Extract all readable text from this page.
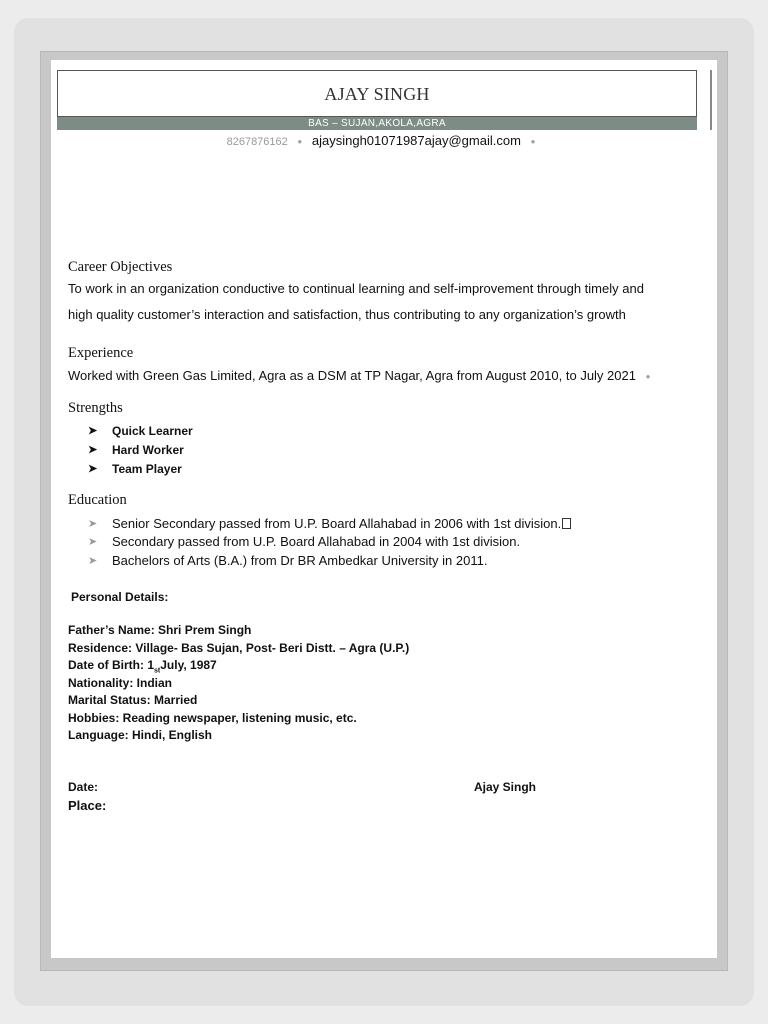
AJAY SINGH
BAS – SUJAN,AKOLA,AGRA
8267876162 ● ajaysingh01071987ajay@gmail.com ●
Career Objectives
To work in an organization conductive to continual learning and self-improvement through timely and
high quality customer’s interaction and satisfaction, thus contributing to any organization’s growth
Experience
Worked with Green Gas Limited, Agra as a DSM at TP Nagar, Agra from August 2010, to July 2021 ●
Strengths
➤	Quick Learner
➤	Hard Worker
➤	Team Player
Education
➤	Senior Secondary passed from U.P. Board Allahabad in 2006 with 1st division.
➤	Secondary passed from U.P. Board Allahabad in 2004 with 1st division.
➤	Bachelors of Arts (B.A.) from Dr BR Ambedkar University in 2011.
Personal Details:
Father’s Name: Shri Prem Singh
Residence: Village- Bas Sujan, Post- Beri Distt. – Agra (U.P.)
Date of Birth: $1_{st}July$, 1987
Nationality: Indian
Marital Status: Married
Hobbies: Reading newspaper, listening music, etc.
Language: Hindi, English
Date:
Place:
Ajay Singh
